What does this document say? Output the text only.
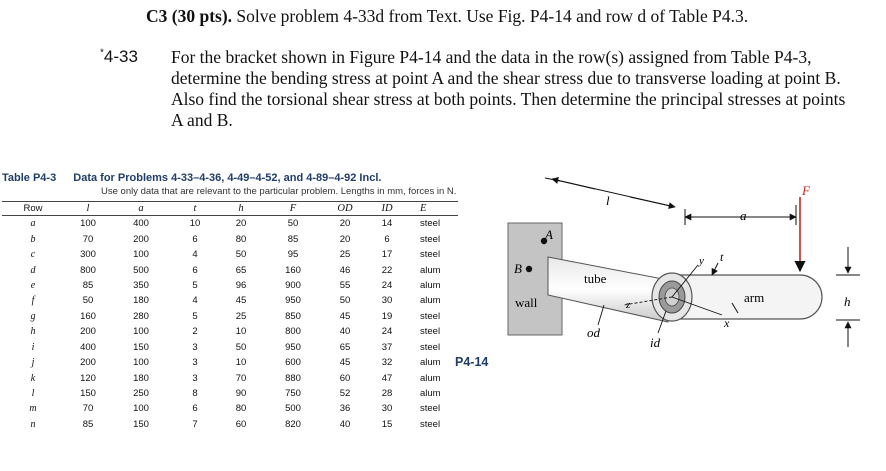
C3 (30 pts). Solve problem 4-33d from Text. Use Fig. P4-14 and row d of Table P4.3.
*4-33 For the bracket shown in Figure P4-14 and the data in the row(s) assigned from Table P4-3, determine the bending stress at point A and the shear stress due to transverse loading at point B. Also find the torsional shear stress at both points. Then determine the principal stresses at points A and B.
Table P4-3 Data for Problems 4-33–4-36, 4-49–4-52, and 4-89–4-92 Incl.
Use only data that are relevant to the particular problem. Lengths in mm, forces in N.
Row	l	a	t	h	F	OD	ID	E
a	100	400	10	20	50	20	14	steel
b	70	200	6	80	85	20	6	steel
c	300	100	4	50	95	25	17	steel
d	800	500	6	65	160	46	22	alum
e	85	350	5	96	900	55	24	alum
f	50	180	4	45	950	50	30	alum
g	160	280	5	25	850	45	19	steel
h	200	100	2	10	800	40	24	steel
i	400	150	3	50	950	65	37	steel
j	200	100	3	10	600	45	32	alum
k	120	180	3	70	880	60	47	alum
l	150	250	8	90	750	52	28	alum
m	70	100	6	80	500	36	30	steel
n	85	150	7	60	820	40	15	steel
P4-14
l
a
F
A
B
tube
wall
y t
z
x
arm	h
od
id
